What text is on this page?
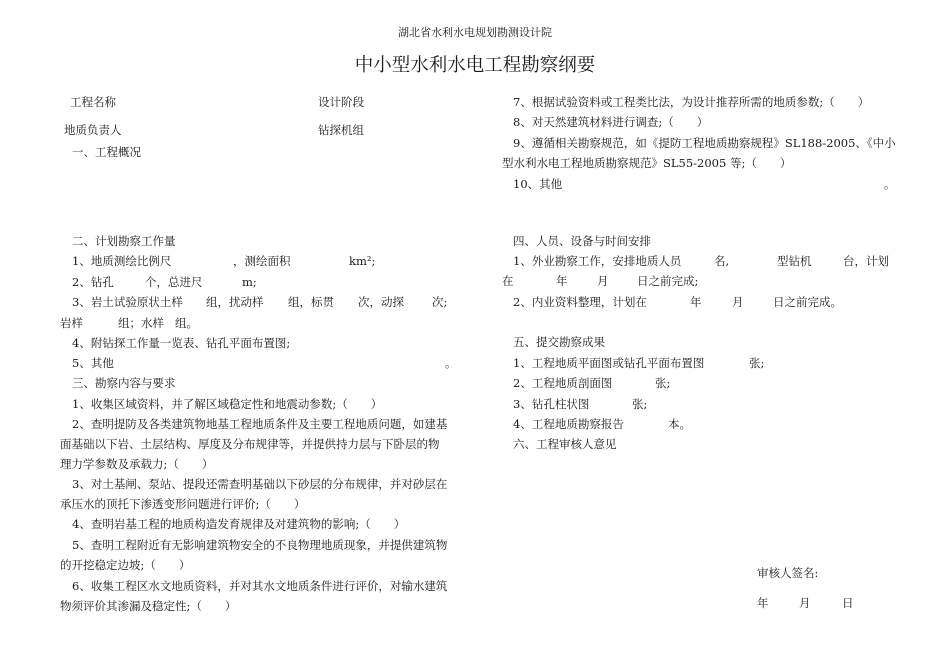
湖北省水利水电规划勘测设计院
中小型水利水电工程勘察纲要
工程名称	设计阶段
地质负责人	钻探机组
一、工程概况
二、计划勘察工作量
1、地质测绘比例尺	，测绘面积	km²;
2、钻孔	个，总进尺	m;
3、岩土试验原状土样 组，扰动样 组，标贯 次，动探 次;
岩样	组；水样 组。
4、附钻探工作量一览表、钻孔平面布置图;
5、其他	。
三、勘察内容与要求
1、收集区域资料，并了解区域稳定性和地震动参数;（　　）
2、查明提防及各类建筑物地基工程地质条件及主要工程地质问题，如建基
面基础以下岩、土层结构、厚度及分布规律等，并提供持力层与下卧层的物
理力学参数及承载力;（　　）
3、对土基闸、泵站、提段还需查明基础以下砂层的分布规律，并对砂层在
承压水的顶托下渗透变形问题进行评价;（　　）
4、查明岩基工程的地质构造发育规律及对建筑物的影响;（　　）
5、查明工程附近有无影响建筑物安全的不良物理地质现象，并提供建筑物
的开挖稳定边坡;（　　）
6、收集工程区水文地质资料，并对其水文地质条件进行评价，对输水建筑
物须评价其渗漏及稳定性;（　　）
7、根据试验资料或工程类比法，为设计推荐所需的地质参数;（　　）
8、对天然建筑材料进行调查;（　　）
9、遵循相关勘察规范，如《提防工程地质勘察规程》SL188-2005、《中小
型水利水电工程地质勘察规范》SL55-2005 等;（　　）
10、其他	。
四、人员、设备与时间安排
1、外业勘察工作，安排地质人员	名,	型钻机	台，计划
在	年	月 日之前完成;
2、内业资料整理，计划在	年	月	日之前完成。
五、提交勘察成果
1、工程地质平面图或钻孔平面布置图	张;
2、工程地质剖面图	张;
3、钻孔柱状图	张;
4、工程地质勘察报告	本。
六、工程审核人意见
审核人签名:
年	月	日
